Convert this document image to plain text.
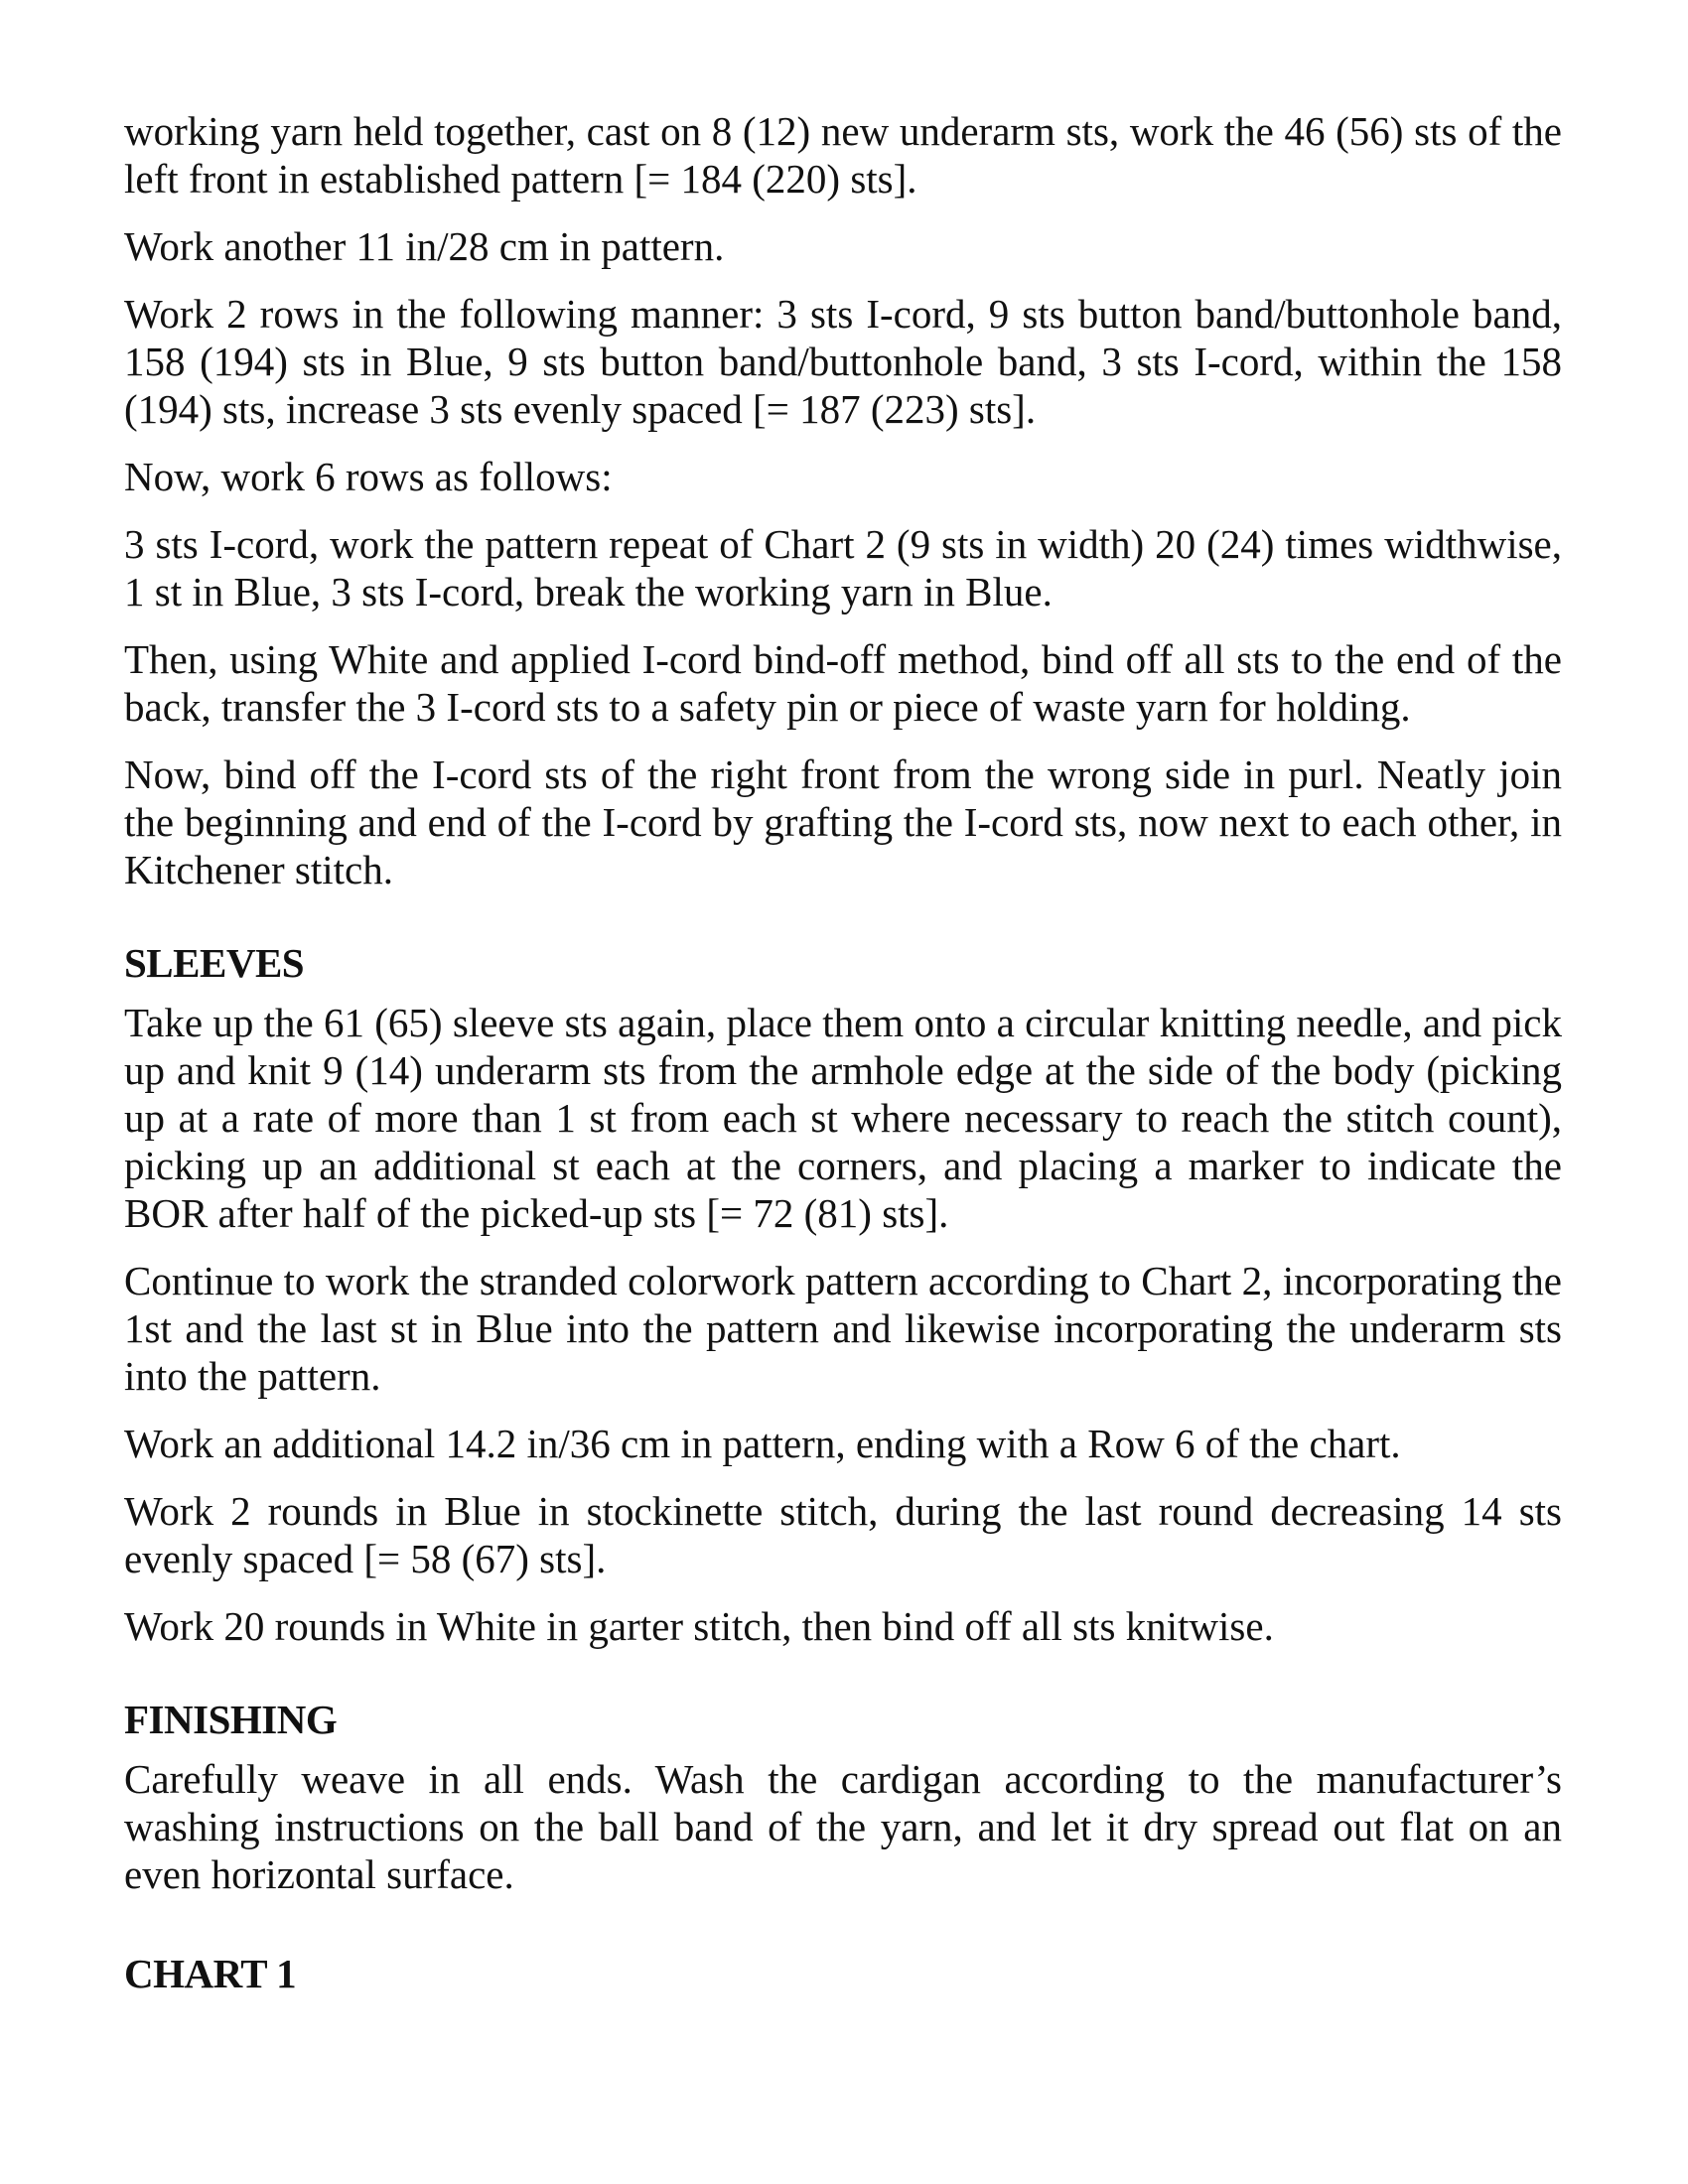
working yarn held together, cast on 8 (12) new underarm sts, work the 46 (56) sts of the left front in established pattern [= 184 (220) sts].

Work another 11 in/28 cm in pattern.

Work 2 rows in the following manner: 3 sts I-cord, 9 sts button band/buttonhole band, 158 (194) sts in Blue, 9 sts button band/buttonhole band, 3 sts I-cord, within the 158 (194) sts, increase 3 sts evenly spaced [= 187 (223) sts].

Now, work 6 rows as follows:

3 sts I-cord, work the pattern repeat of Chart 2 (9 sts in width) 20 (24) times widthwise, 1 st in Blue, 3 sts I-cord, break the working yarn in Blue.

Then, using White and applied I-cord bind-off method, bind off all sts to the end of the back, transfer the 3 I-cord sts to a safety pin or piece of waste yarn for holding.

Now, bind off the I-cord sts of the right front from the wrong side in purl. Neatly join the beginning and end of the I-cord by grafting the I-cord sts, now next to each other, in Kitchener stitch.

SLEEVES

Take up the 61 (65) sleeve sts again, place them onto a circular knitting needle, and pick up and knit 9 (14) underarm sts from the armhole edge at the side of the body (picking up at a rate of more than 1 st from each st where necessary to reach the stitch count), picking up an additional st each at the corners, and placing a marker to indicate the BOR after half of the picked-up sts [= 72 (81) sts].

Continue to work the stranded colorwork pattern according to Chart 2, incorporating the 1st and the last st in Blue into the pattern and likewise incorporating the underarm sts into the pattern.

Work an additional 14.2 in/36 cm in pattern, ending with a Row 6 of the chart.

Work 2 rounds in Blue in stockinette stitch, during the last round decreasing 14 sts evenly spaced [= 58 (67) sts].

Work 20 rounds in White in garter stitch, then bind off all sts knitwise.

FINISHING

Carefully weave in all ends. Wash the cardigan according to the manufacturer’s washing instructions on the ball band of the yarn, and let it dry spread out flat on an even horizontal surface.

CHART 1
